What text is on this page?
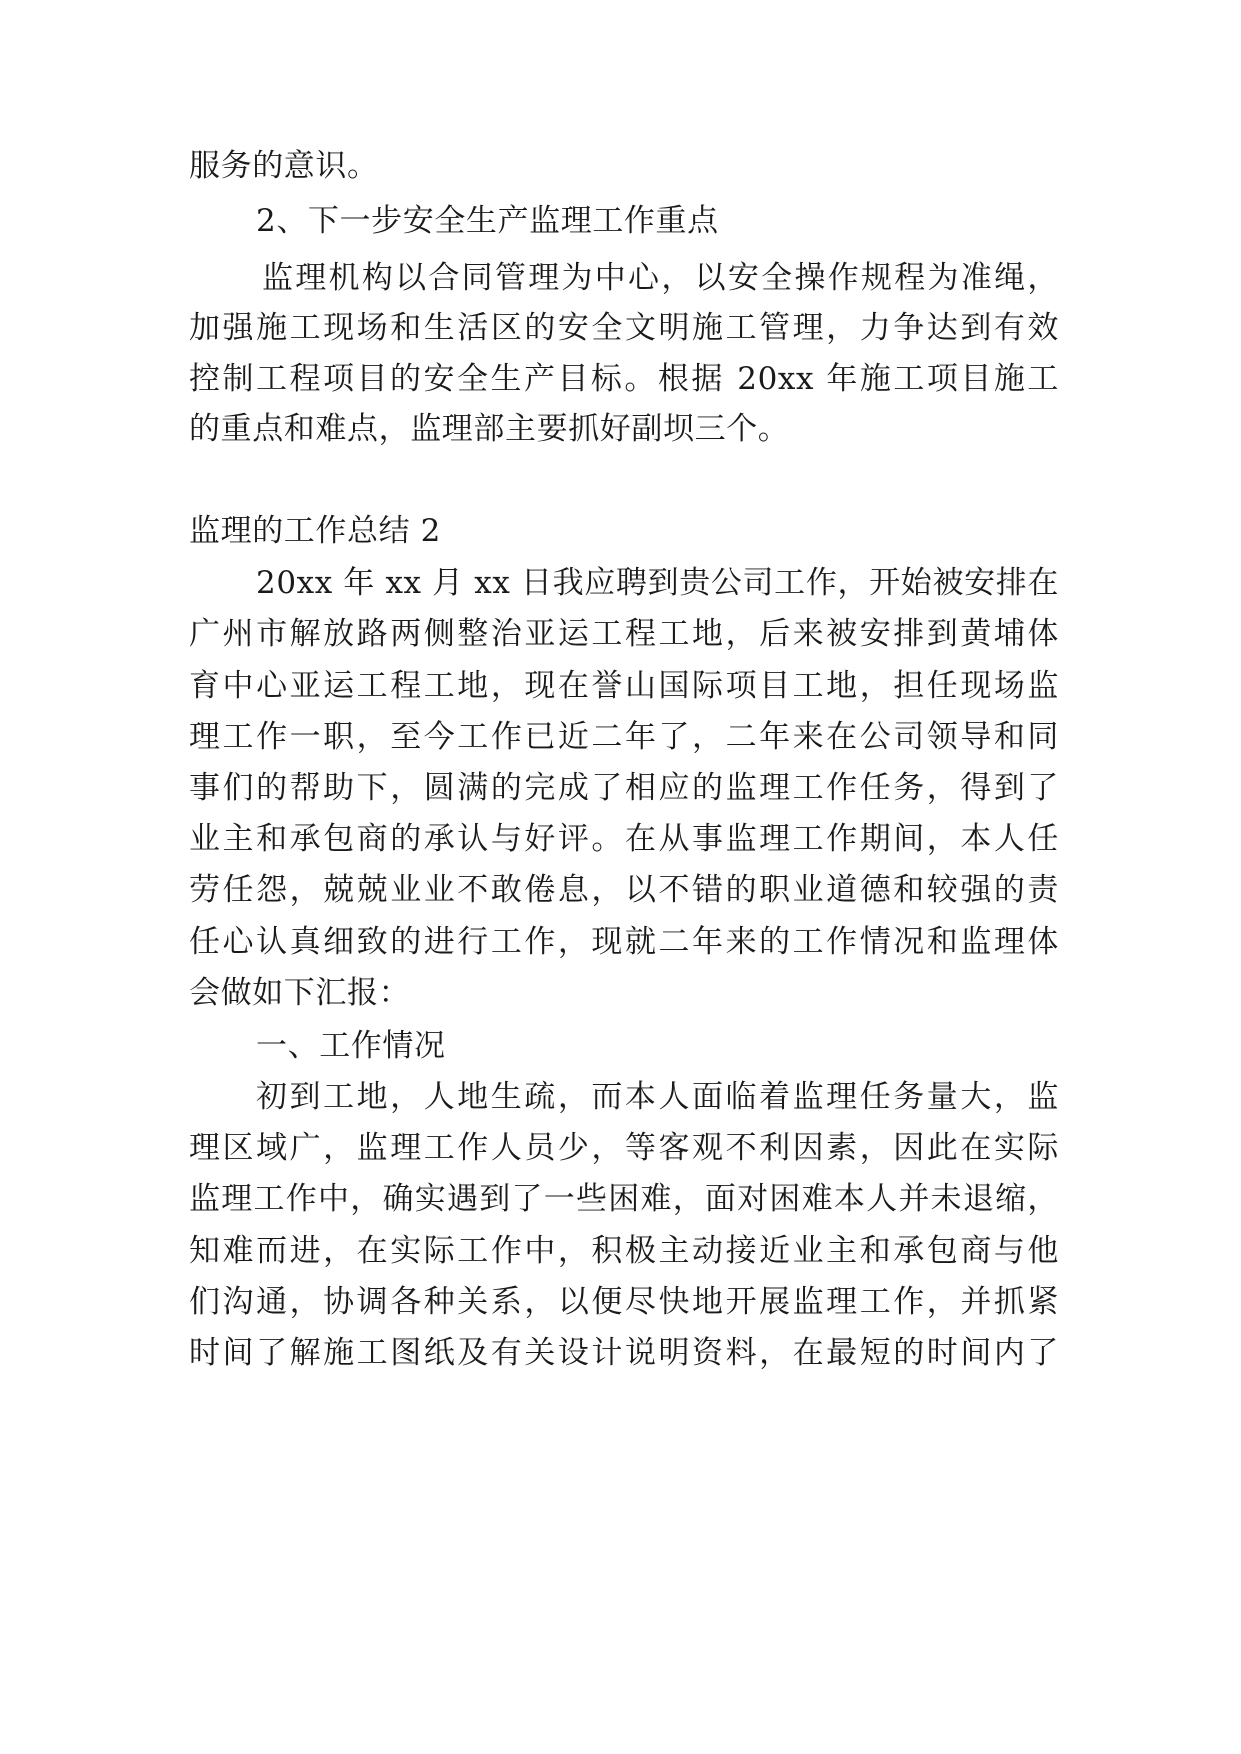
服务的意识。
2、下一步安全生产监理工作重点
监理机构以合同管理为中心，以安全操作规程为准绳，
加强施工现场和生活区的安全文明施工管理，力争达到有效
控制工程项目的安全生产目标。根据 20xx 年施工项目施工
的重点和难点，监理部主要抓好副坝三个。
监理的工作总结 2
20xx 年 xx 月 xx 日我应聘到贵公司工作，开始被安排在
广州市解放路两侧整治亚运工程工地，后来被安排到黄埔体
育中心亚运工程工地，现在誉山国际项目工地，担任现场监
理工作一职，至今工作已近二年了，二年来在公司领导和同
事们的帮助下，圆满的完成了相应的监理工作任务，得到了
业主和承包商的承认与好评。在从事监理工作期间，本人任
劳任怨，兢兢业业不敢倦息，以不错的职业道德和较强的责
任心认真细致的进行工作，现就二年来的工作情况和监理体
会做如下汇报：
一、工作情况
初到工地，人地生疏，而本人面临着监理任务量大，监
理区域广，监理工作人员少，等客观不利因素，因此在实际
监理工作中，确实遇到了一些困难，面对困难本人并未退缩，
知难而进，在实际工作中，积极主动接近业主和承包商与他
们沟通，协调各种关系，以便尽快地开展监理工作，并抓紧
时间了解施工图纸及有关设计说明资料，在最短的时间内了
